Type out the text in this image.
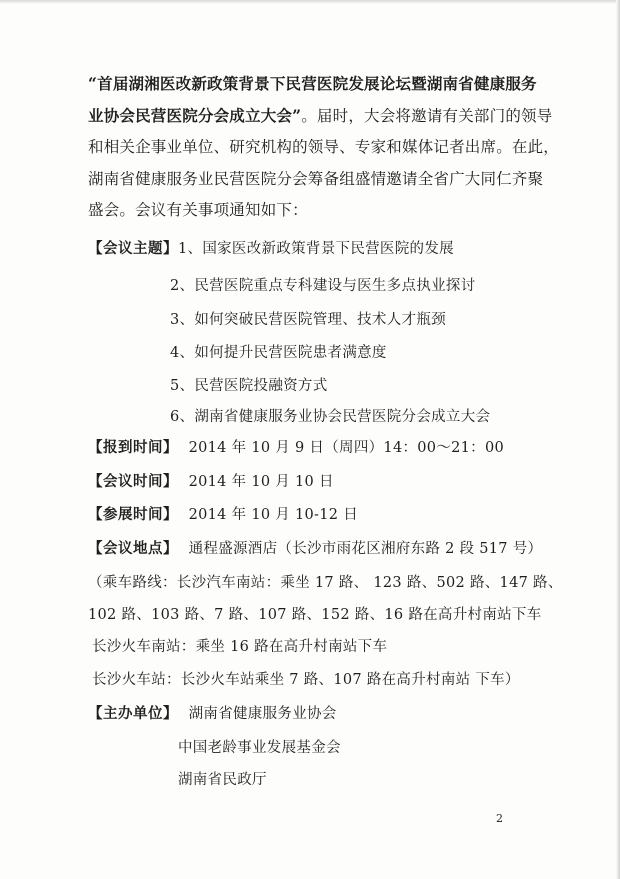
“首届湖湘医改新政策背景下民营医院发展论坛暨湖南省健康服务
业协会民营医院分会成立大会”。届时，大会将邀请有关部门的领导
和相关企事业单位、研究机构的领导、专家和媒体记者出席。在此，
湖南省健康服务业民营医院分会筹备组盛情邀请全省广大同仁齐聚
盛会。会议有关事项通知如下：
【会议主题】1、国家医改新政策背景下民营医院的发展
2、民营医院重点专科建设与医生多点执业探讨
3、如何突破民营医院管理、技术人才瓶颈
4、如何提升民营医院患者满意度
5、民营医院投融资方式
6、湖南省健康服务业协会民营医院分会成立大会
【报到时间】 2014 年 10 月 9 日（周四）14：00～21：00
【会议时间】 2014 年 10 月 10 日
【参展时间】 2014 年 10 月 10-12 日
【会议地点】 通程盛源酒店（长沙市雨花区湘府东路 2 段 517 号）
（乘车路线：长沙汽车南站：乘坐 17 路、 123 路、502 路、147 路、
102 路、103 路、7 路、107 路、152 路、16 路在高升村南站下车
长沙火车南站：乘坐 16 路在高升村南站下车
长沙火车站：长沙火车站乘坐 7 路、107 路在高升村南站 下车）
【主办单位】 湖南省健康服务业协会
中国老龄事业发展基金会
湖南省民政厅
2
